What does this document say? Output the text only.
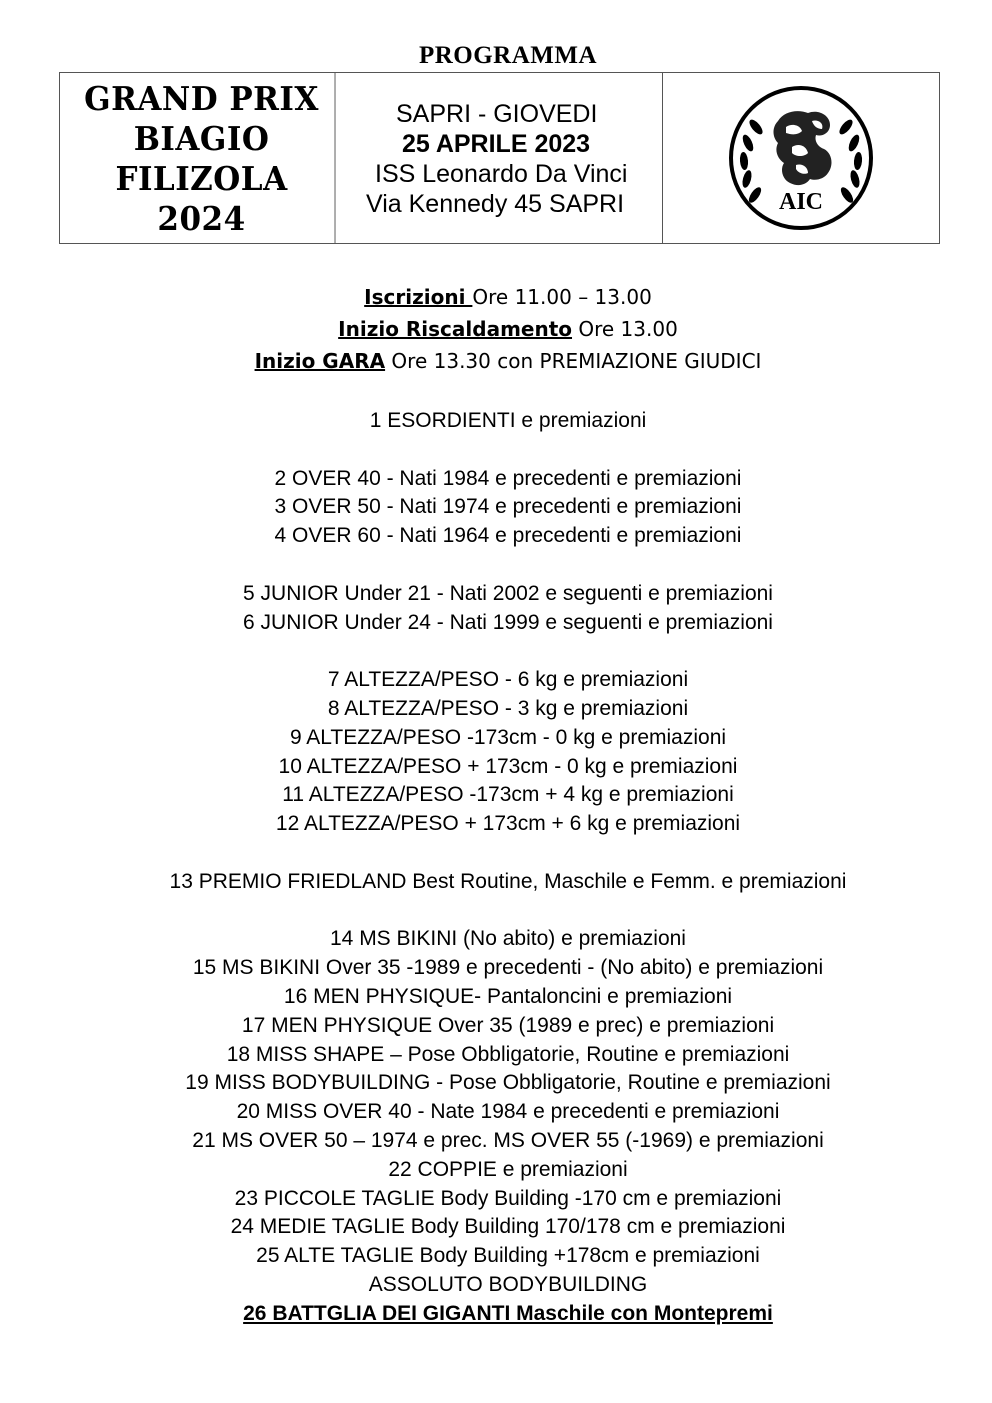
PROGRAMMA
GRAND PRIX
BIAGIO
FILIZOLA
2024
SAPRI - GIOVEDI
25 APRILE 2023
ISS Leonardo Da Vinci
Via Kennedy 45 SAPRI	AIC
Iscrizioni Ore 11.00 – 13.00
Inizio Riscaldamento Ore 13.00
Inizio GARA Ore 13.30 con PREMIAZIONE GIUDICI
1 ESORDIENTI e premiazioni
2 OVER 40 - Nati 1984 e precedenti e premiazioni
3 OVER 50 - Nati 1974 e precedenti e premiazioni
4 OVER 60 - Nati 1964 e precedenti e premiazioni
5 JUNIOR Under 21 - Nati 2002 e seguenti e premiazioni
6 JUNIOR Under 24 - Nati 1999 e seguenti e premiazioni
7 ALTEZZA/PESO - 6 kg e premiazioni
8 ALTEZZA/PESO - 3 kg e premiazioni
9 ALTEZZA/PESO -173cm - 0 kg e premiazioni
10 ALTEZZA/PESO + 173cm - 0 kg e premiazioni
11 ALTEZZA/PESO -173cm + 4 kg e premiazioni
12 ALTEZZA/PESO + 173cm + 6 kg e premiazioni
13 PREMIO FRIEDLAND Best Routine, Maschile e Femm. e premiazioni
14 MS BIKINI (No abito) e premiazioni
15 MS BIKINI Over 35 -1989 e precedenti - (No abito) e premiazioni
16 MEN PHYSIQUE- Pantaloncini e premiazioni
17 MEN PHYSIQUE Over 35 (1989 e prec) e premiazioni
18 MISS SHAPE – Pose Obbligatorie, Routine e premiazioni
19 MISS BODYBUILDING - Pose Obbligatorie, Routine e premiazioni
20 MISS OVER 40 - Nate 1984 e precedenti e premiazioni
21 MS OVER 50 – 1974 e prec. MS OVER 55 (-1969) e premiazioni
22 COPPIE e premiazioni
23 PICCOLE TAGLIE Body Building -170 cm e premiazioni
24 MEDIE TAGLIE Body Building 170/178 cm e premiazioni
25 ALTE TAGLIE Body Building +178cm e premiazioni
ASSOLUTO BODYBUILDING
26 BATTGLIA DEI GIGANTI Maschile con Montepremi
